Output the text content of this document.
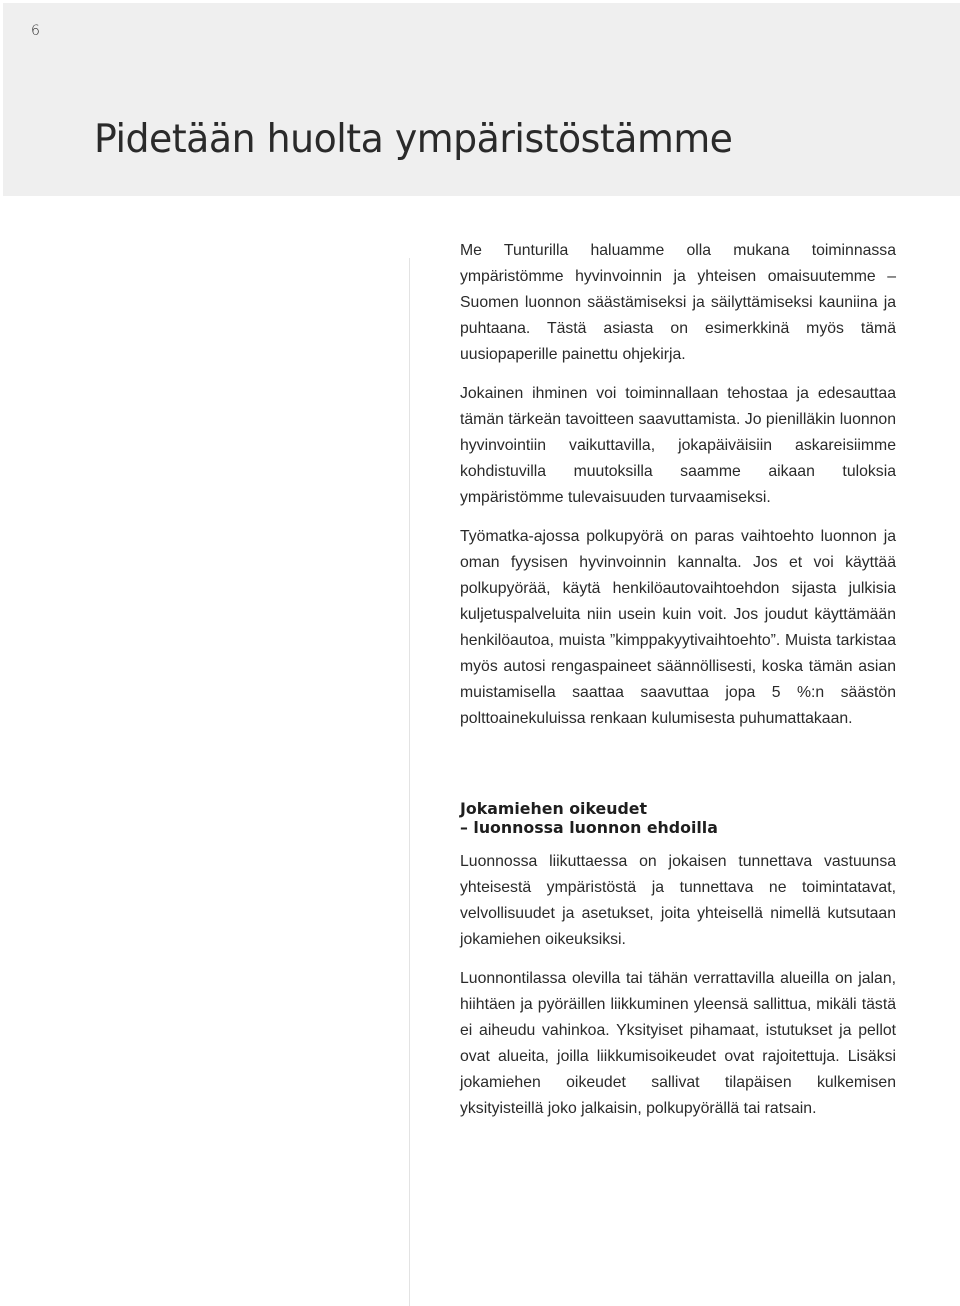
6
Pidetään huolta ympäristöstämme

Me Tunturilla haluamme olla mukana toiminnassa ympäristömme hyvinvoinnin ja yhteisen omaisuutemme – Suomen luonnon säästämiseksi ja säilyttämiseksi kauniina ja puhtaana. Tästä asiasta on esimerkkinä myös tämä uusiopaperille painettu ohjekirja.

Jokainen ihminen voi toiminnallaan tehostaa ja edesauttaa tämän tärkeän tavoitteen saavuttamista. Jo pienilläkin luonnon hyvinvointiin vaikuttavilla, jokapäiväisiin askareisiimme kohdistuvilla muutoksilla saamme aikaan tuloksia ympäristömme tulevaisuuden turvaamiseksi.

Työmatka-ajossa polkupyörä on paras vaihtoehto luonnon ja oman fyysisen hyvinvoinnin kannalta. Jos et voi käyttää polkupyörää, käytä henkilöautovaihtoehdon sijasta julkisia kuljetuspalveluita niin usein kuin voit. Jos joudut käyttämään henkilöautoa, muista ”kimppakyytivaihtoehto”. Muista tarkistaa myös autosi rengaspaineet säännöllisesti, koska tämän asian muistamisella saattaa saavuttaa jopa 5 %:n säästön polttoainekuluissa renkaan kulumisesta puhumattakaan.

Jokamiehen oikeudet
– luonnossa luonnon ehdoilla

Luonnossa liikuttaessa on jokaisen tunnettava vastuunsa yhteisestä ympäristöstä ja tunnettava ne toimintatavat, velvollisuudet ja asetukset, joita yhteisellä nimellä kutsutaan jokamiehen oikeuksiksi.

Luonnontilassa olevilla tai tähän verrattavilla alueilla on jalan, hiihtäen ja pyöräillen liikkuminen yleensä sallittua, mikäli tästä ei aiheudu vahinkoa. Yksityiset pihamaat, istutukset ja pellot ovat alueita, joilla liikkumisoikeudet ovat rajoitettuja. Lisäksi jokamiehen oikeudet sallivat tilapäisen kulkemisen yksityisteillä joko jalkaisin, polkupyörällä tai ratsain.
